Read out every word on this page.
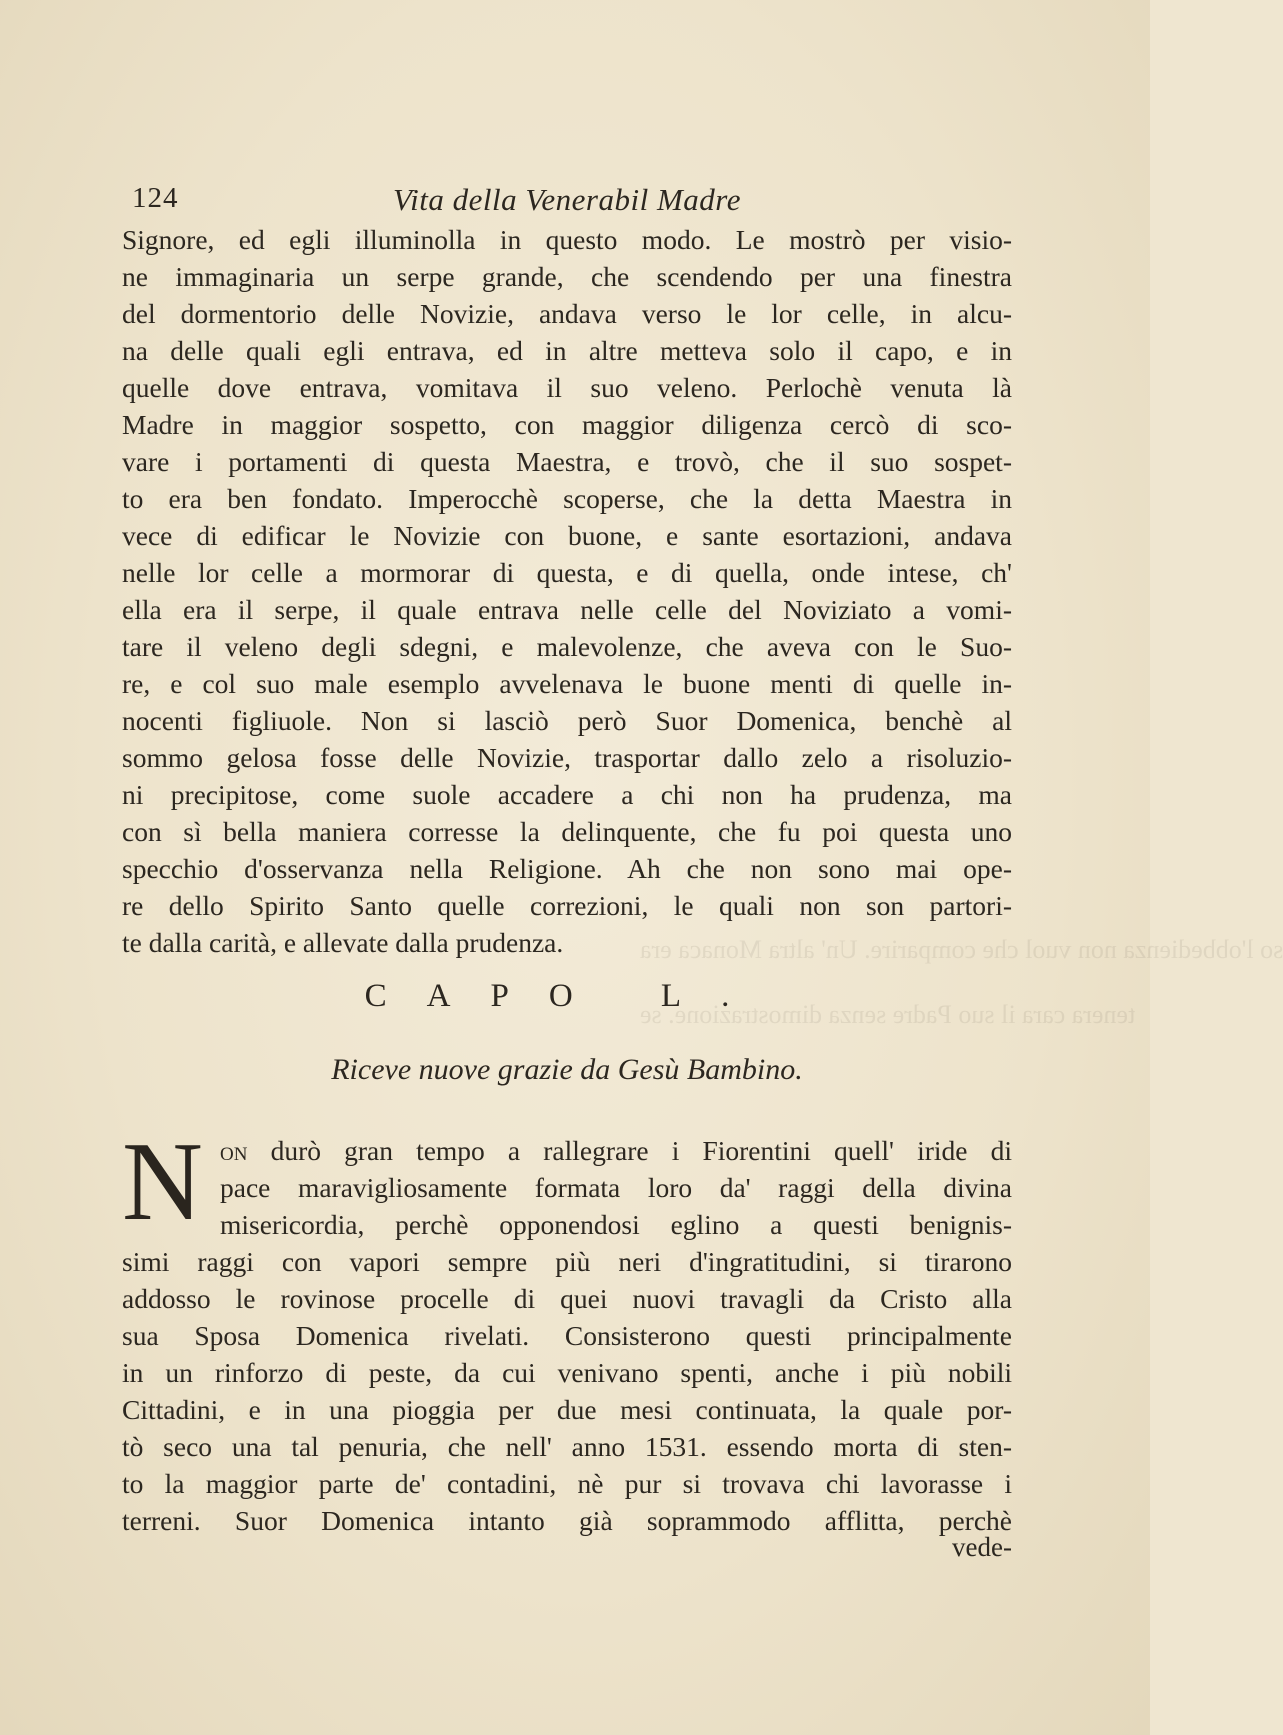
so l'obbedienza non vuol che comparire. Un' altra Monaca era
tenera cara il suo Padre senza dimostrazione. se
124	Vita della Venerabil Madre
Signore, ed egli illuminolla in questo modo. Le mostrò per visio-
ne immaginaria un serpe grande, che scendendo per una finestra
del dormentorio delle Novizie, andava verso le lor celle, in alcu-
na delle quali egli entrava, ed in altre metteva solo il capo, e in
quelle dove entrava, vomitava il suo veleno. Perlochè venuta là
Madre in maggior sospetto, con maggior diligenza cercò di sco-
vare i portamenti di questa Maestra, e trovò, che il suo sospet-
to era ben fondato. Imperocchè scoperse, che la detta Maestra in
vece di edificar le Novizie con buone, e sante esortazioni, andava
nelle lor celle a mormorar di questa, e di quella, onde intese, ch'
ella era il serpe, il quale entrava nelle celle del Noviziato a vomi-
tare il veleno degli sdegni, e malevolenze, che aveva con le Suo-
re, e col suo male esemplo avvelenava le buone menti di quelle in-
nocenti figliuole. Non si lasciò però Suor Domenica, benchè al
sommo gelosa fosse delle Novizie, trasportar dallo zelo a risoluzio-
ni precipitose, come suole accadere a chi non ha prudenza, ma
con sì bella maniera corresse la delinquente, che fu poi questa uno
specchio d'osservanza nella Religione. Ah che non sono mai ope-
re dello Spirito Santo quelle correzioni, le quali non son partori-
te dalla carità, e allevate dalla prudenza.
CAPO L.
Riceve nuove grazie da Gesù Bambino.
N on durò gran tempo a rallegrare i Fiorentini quell' iride di
pace maravigliosamente formata loro da' raggi della divina
misericordia, perchè opponendosi eglino a questi benignis-
simi raggi con vapori sempre più neri d'ingratitudini, si tirarono
addosso le rovinose procelle di quei nuovi travagli da Cristo alla
sua Sposa Domenica rivelati. Consisterono questi principalmente
in un rinforzo di peste, da cui venivano spenti, anche i più nobili
Cittadini, e in una pioggia per due mesi continuata, la quale por-
tò seco una tal penuria, che nell' anno 1531. essendo morta di sten-
to la maggior parte de' contadini, nè pur si trovava chi lavorasse i
terreni. Suor Domenica intanto già soprammodo afflitta, perchè
vede-
